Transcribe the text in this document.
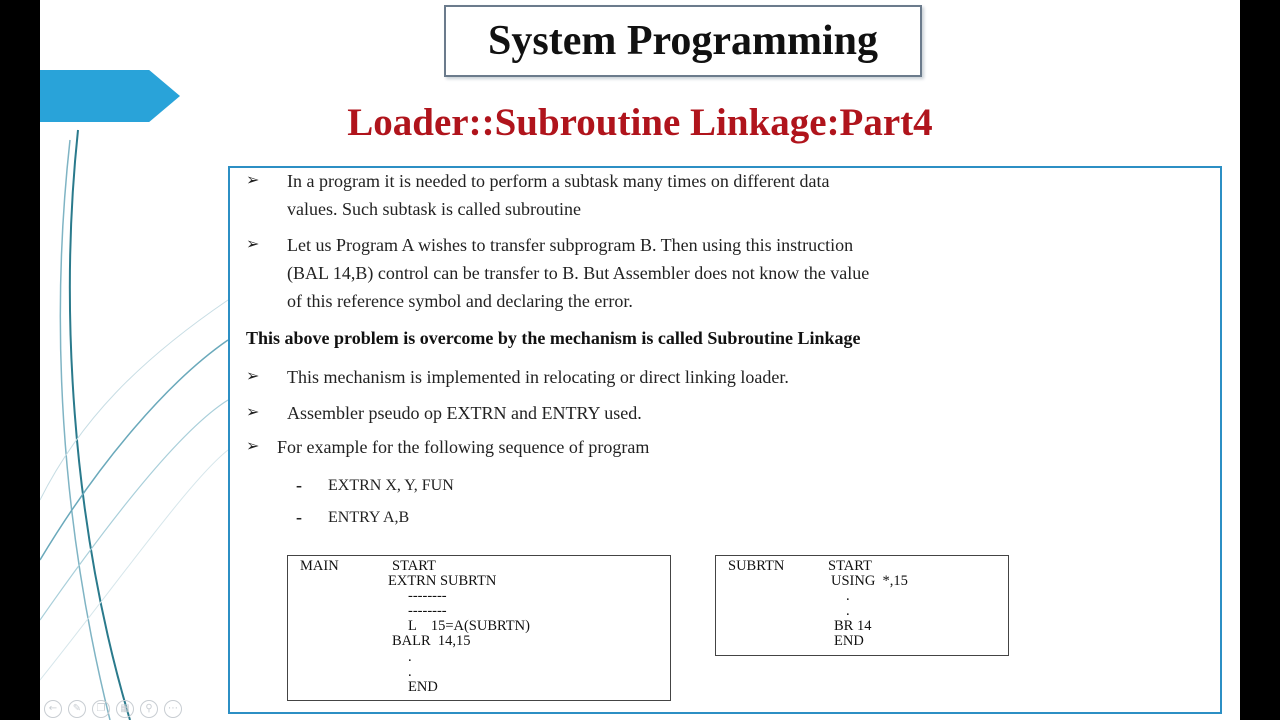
System Programming
Loader::Subroutine Linkage:Part4
➢ In a program it is needed to perform a subtask many times on different data
values. Such subtask is called subroutine
➢ Let us Program A wishes to transfer subprogram B. Then using this instruction
(BAL 14,B) control can be transfer to B. But Assembler does not know the value
of this reference symbol and declaring the error.
This above problem is overcome by the mechanism is called Subroutine Linkage
➢ This mechanism is implemented in relocating or direct linking loader.
➢ Assembler pseudo op EXTRN and ENTRY used.
➢ For example for the following sequence of program
- EXTRN X, Y, FUN
- ENTRY A,B
MAIN	START
EXTRN SUBRTN
--------
--------
L    15=A(SUBRTN)
BALR  14,15
.
.
END
SUBRTN	START
USING  *,15
.
.
BR 14
END
←	✎	❐	▦	⚲	⋯
